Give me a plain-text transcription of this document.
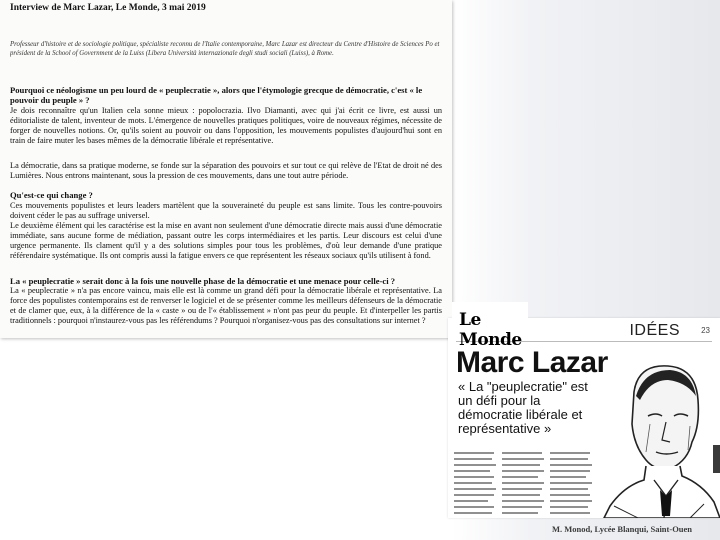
Interview de Marc Lazar, Le Monde, 3 mai 2019
Professeur d'histoire et de sociologie politique, spécialiste reconnu de l'Italie contemporaine, Marc Lazar est directeur du Centre d'Histoire de Sciences Po et président de la School of Government de la Luiss (Libera Università internazionale degli studi sociali (Luiss), à Rome.
Pourquoi ce néologisme un peu lourd de « peuplecratie », alors que l'étymologie grecque de démocratie, c'est « le pouvoir du peuple » ?
Je dois reconnaître qu'un Italien cela sonne mieux : popolocrazia. Ilvo Diamanti, avec qui j'ai écrit ce livre, est aussi un éditorialiste de talent, inventeur de mots. L'émergence de nouvelles pratiques politiques, voire de nouveaux régimes, nécessite de forger de nouvelles notions. Or, qu'ils soient au pouvoir ou dans l'opposition, les mouvements populistes d'aujourd'hui sont en train de faire muter les bases mêmes de la démocratie libérale et représentative.
La démocratie, dans sa pratique moderne, se fonde sur la séparation des pouvoirs et sur tout ce qui relève de l'Etat de droit né des Lumières. Nous entrons maintenant, sous la pression de ces mouvements, dans une tout autre période.
Qu'est-ce qui change ?
Ces mouvements populistes et leurs leaders martèlent que la souveraineté du peuple est sans limite. Tous les contre-pouvoirs doivent céder le pas au suffrage universel.
Le deuxième élément qui les caractérise est la mise en avant non seulement d'une démocratie directe mais aussi d'une démocratie immédiate, sans aucune forme de médiation, passant outre les corps intermédiaires et les partis. Leur discours est celui d'une urgence permanente. Ils clament qu'il y a des solutions simples pour tous les problèmes, d'où leur demande d'une pratique référendaire systématique. Ils ont compris aussi la fatigue envers ce que représentent les réseaux sociaux qu'ils utilisent à fond.
La « peuplecratie » serait donc à la fois une nouvelle phase de la démocratie et une menace pour celle-ci ?
La « peuplecratie » n'a pas encore vaincu, mais elle est là comme un grand défi pour la démocratie libérale et représentative. La force des populistes contemporains est de renverser le logiciel et de se présenter comme les meilleurs défenseurs de la démocratie et de clamer que, eux, à la différence de la « caste » ou de l'« établissement » n'ont pas peur du peuple. Et d'interpeller les partis traditionnels : pourquoi n'instaurez-vous pas les référendums ? Pourquoi n'organisez-vous pas des consultations sur internet ?
IDÉES	23
Marc Lazar
« La "peuplecratie" est un défi pour la démocratie libérale et représentative »
Le Monde
M. Monod, Lycée Blanqui, Saint-Ouen
